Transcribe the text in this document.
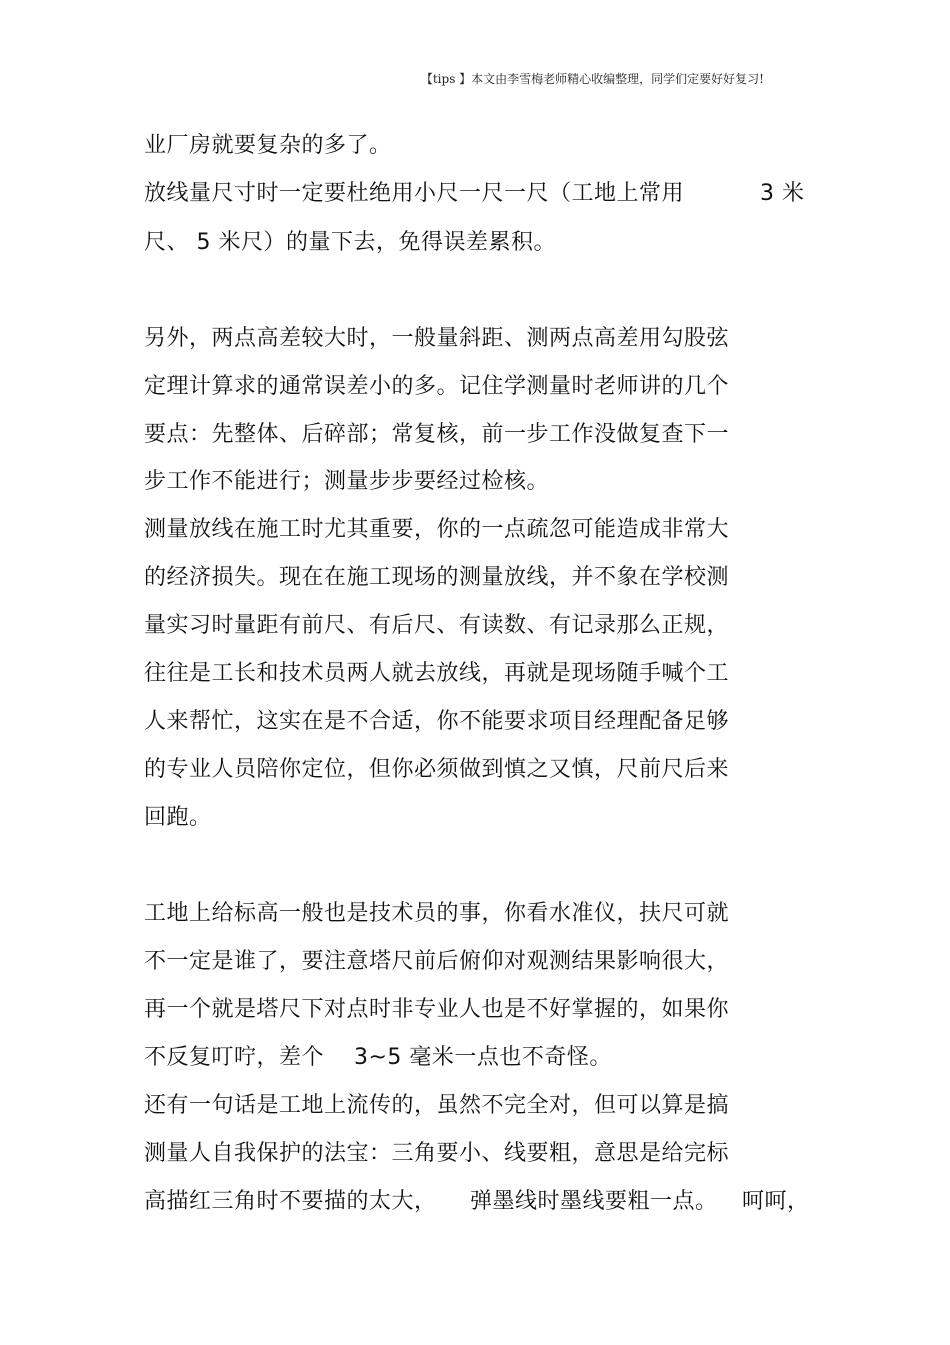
【tips 】本文由李雪梅老师精心收编整理，同学们定要好好复习!
业厂房就要复杂的多了。
放线量尺寸时一定要杜绝用小尺一尺一尺（工地上常用	3 米
尺、 5 米尺）的量下去，免得误差累积。
另外，两点高差较大时，一般量斜距、测两点高差用勾股弦
定理计算求的通常误差小的多。记住学测量时老师讲的几个
要点：先整体、后碎部；常复核，前一步工作没做复查下一
步工作不能进行；测量步步要经过检核。
测量放线在施工时尤其重要，你的一点疏忽可能造成非常大
的经济损失。现在在施工现场的测量放线，并不象在学校测
量实习时量距有前尺、有后尺、有读数、有记录那么正规，
往往是工长和技术员两人就去放线，再就是现场随手喊个工
人来帮忙，这实在是不合适，你不能要求项目经理配备足够
的专业人员陪你定位，但你必须做到慎之又慎，尺前尺后来
回跑。
工地上给标高一般也是技术员的事，你看水准仪，扶尺可就
不一定是谁了，要注意塔尺前后俯仰对观测结果影响很大，
再一个就是塔尺下对点时非专业人也是不好掌握的，如果你
不反复叮咛，差个 3~5 毫米一点也不奇怪。
还有一句话是工地上流传的，虽然不完全对，但可以算是搞
测量人自我保护的法宝：三角要小、线要粗，意思是给完标
高描红三角时不要描的太大， 弹墨线时墨线要粗一点。 呵呵，
